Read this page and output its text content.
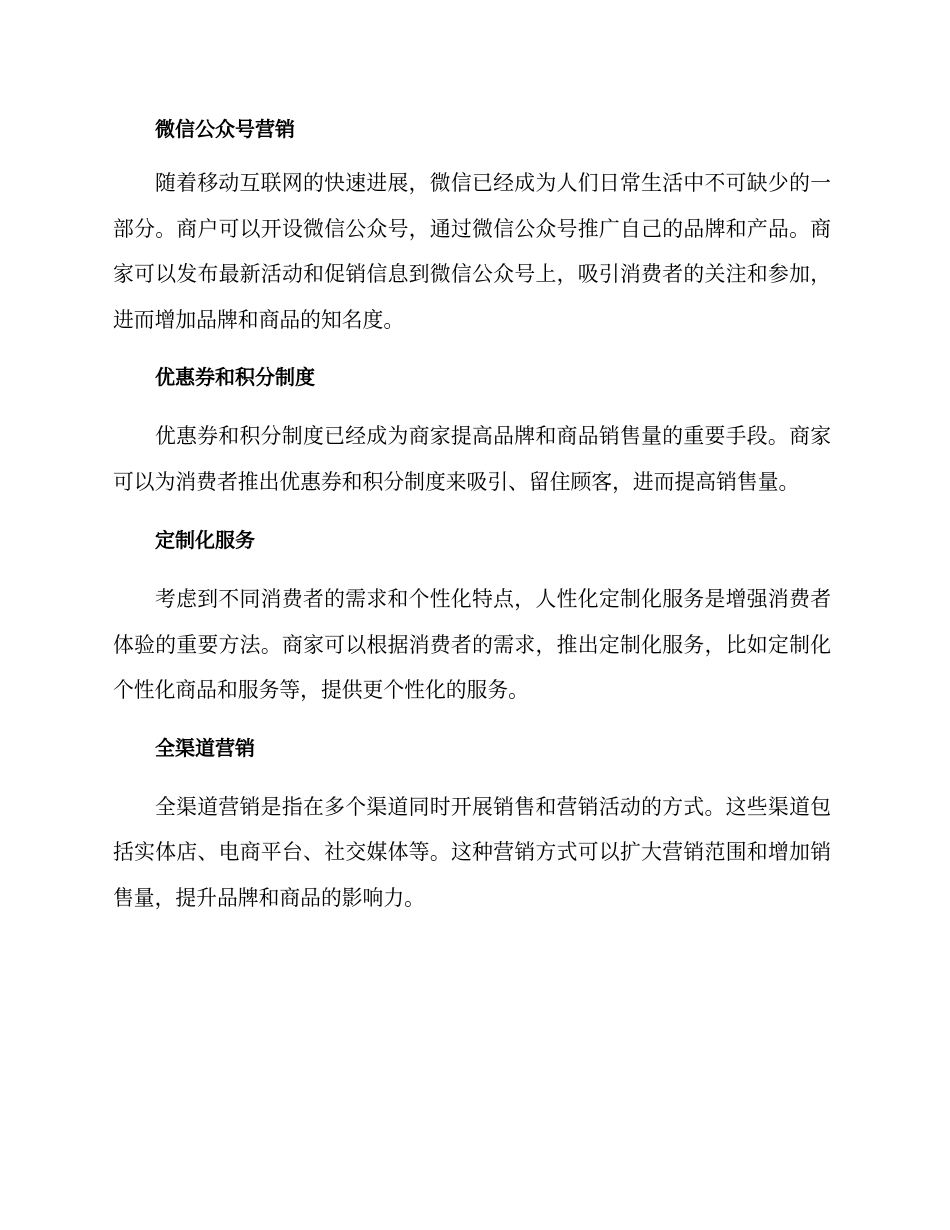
微信公众号营销

随着移动互联网的快速进展，微信已经成为人们日常生活中不可缺少的一部分。商户可以开设微信公众号，通过微信公众号推广自己的品牌和产品。商家可以发布最新活动和促销信息到微信公众号上，吸引消费者的关注和参加，进而增加品牌和商品的知名度。

优惠券和积分制度

优惠券和积分制度已经成为商家提高品牌和商品销售量的重要手段。商家可以为消费者推出优惠券和积分制度来吸引、留住顾客，进而提高销售量。

定制化服务

考虑到不同消费者的需求和个性化特点，人性化定制化服务是增强消费者体验的重要方法。商家可以根据消费者的需求，推出定制化服务，比如定制化个性化商品和服务等，提供更个性化的服务。

全渠道营销

全渠道营销是指在多个渠道同时开展销售和营销活动的方式。这些渠道包括实体店、电商平台、社交媒体等。这种营销方式可以扩大营销范围和增加销售量，提升品牌和商品的影响力。
